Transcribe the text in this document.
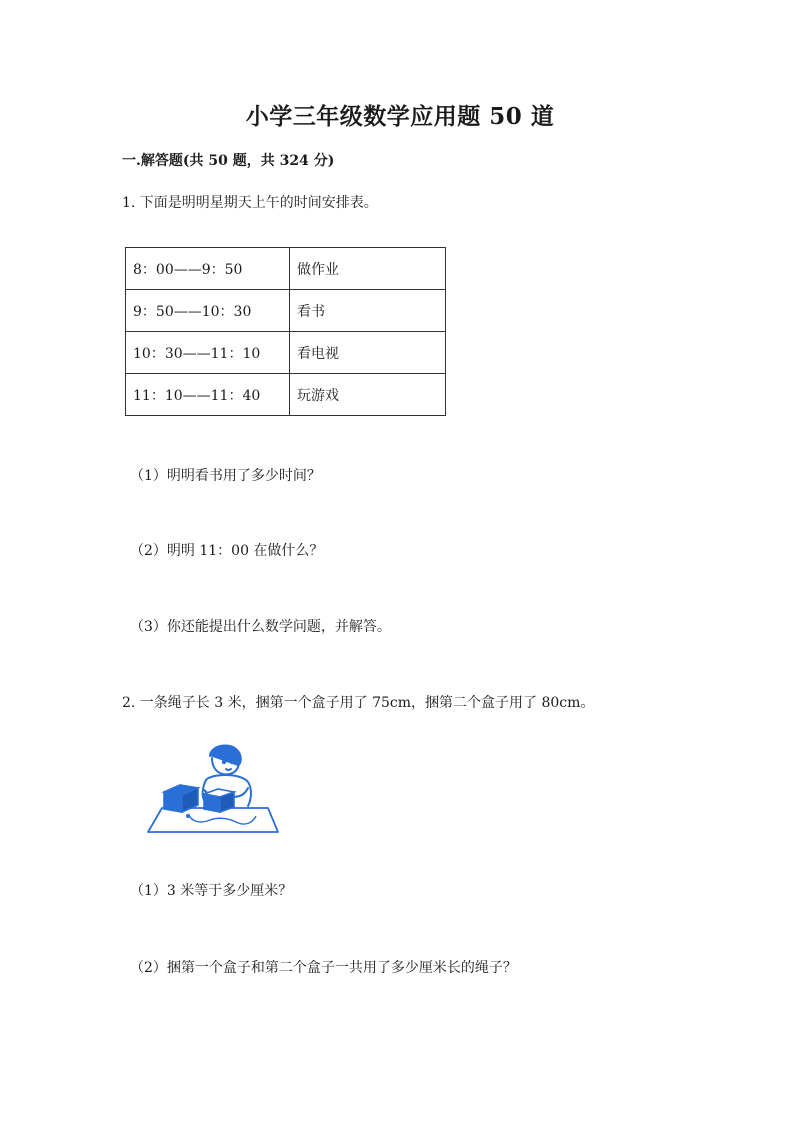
小学三年级数学应用题 50 道
一.解答题(共 50 题，共 324 分)
1. 下面是明明星期天上午的时间安排表。
8：00——9：50	做作业
9：50——10：30	看书
10：30——11：10	看电视
11：10——11：40	玩游戏
（1）明明看书用了多少时间？
（2）明明 11：00 在做什么？
（3）你还能提出什么数学问题，并解答。
2. 一条绳子长 3 米，捆第一个盒子用了 75cm，捆第二个盒子用了 80cm。
（1）3 米等于多少厘米？
（2）捆第一个盒子和第二个盒子一共用了多少厘米长的绳子？
